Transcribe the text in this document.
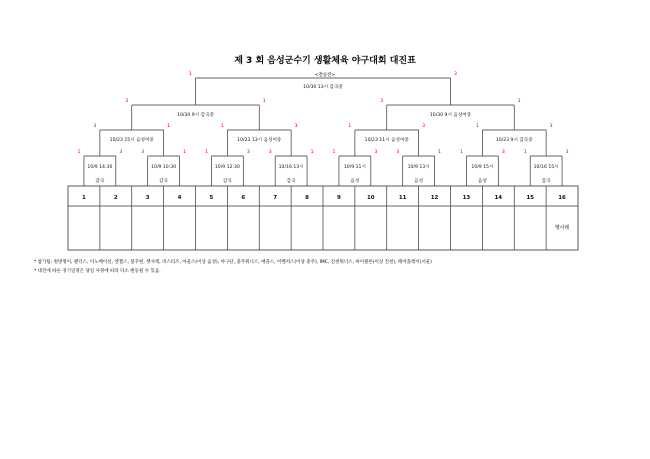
제 3 회 음성군수기 생활체육 야구대회 대진표
<결승전>
1	2	3	4	5	6	7	8	9	10	11	12	13	14	15	16
햇사레
10/9 14:30
감곡
1	3
10/9 10:30
감곡
3	1
10/9 12:30
감곡
1	3
10/16 13시
감곡
3	1
10/9 11시
음성
1	3
10/9 13시
음성
3	1
10/9 15시
음성
1	3
10/16 15시
감곡
1	3
10/23 15시 음성여중
3	1
10/23 13시 음성여중
1	3
10/23 11시 음성여중
1	3
10/23 9시 감곡중
1	3
10/30 9시 감곡중
3	1
10/30 9시 음성여중
3	1
10/30 13시 감곡중
1	3
* 참가팀: 원방명이, 팬더스, 이노베이션, 엔젤스, 불꾸현, 햇사레, 비스티즈, 아울스(이상 음성), 야구단, 충주워너스, 애플스, 어벤져스(이상 충주), IMC, 진천워너스, 싸이클론(이상 진천), 페어플레이(서울)
* 대진에 따른 경기일정은 당일 사정에 따라 다소 변동될 수 있음.
